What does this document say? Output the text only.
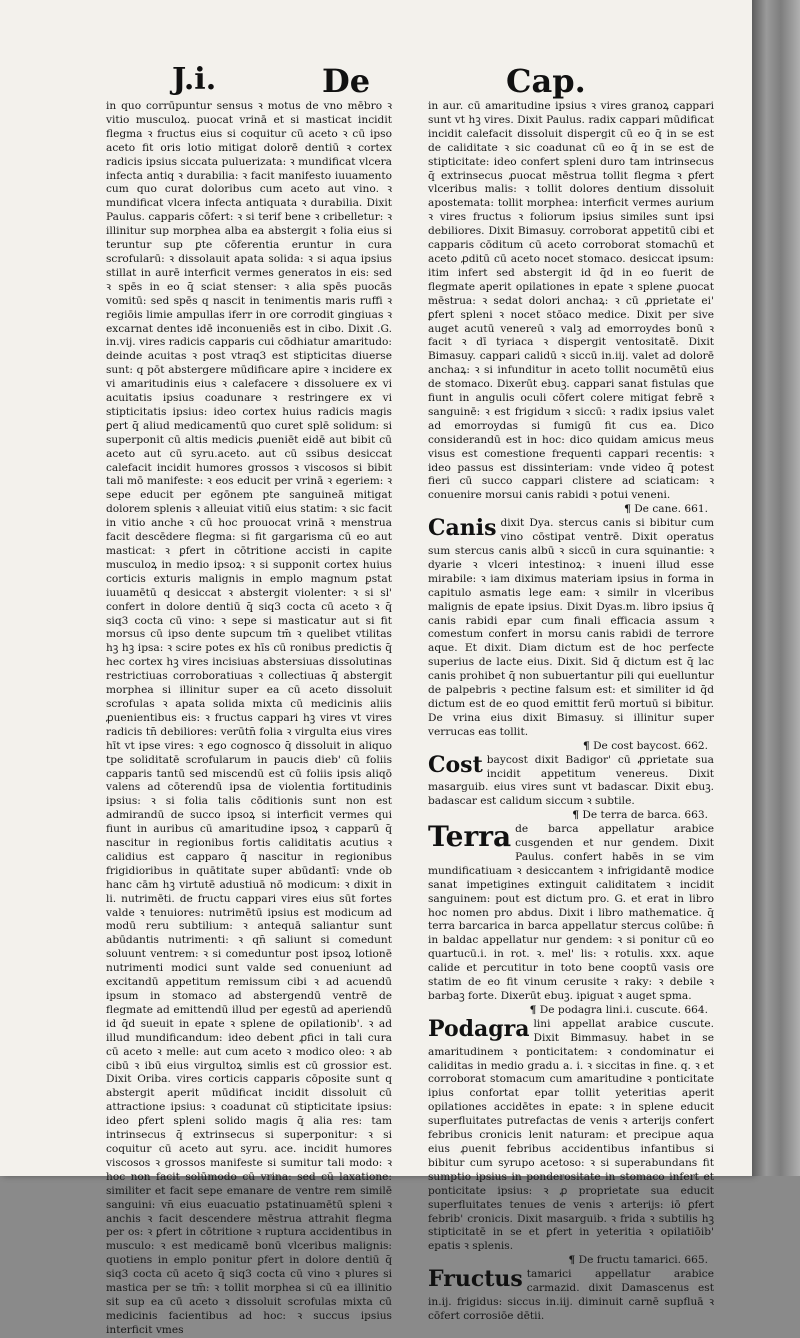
J.i.	De	Cap.

in quo corrūpuntur sensus ꝛ motus de vno mēbro ꝛ vitio musculoꝝ. puocat vrinā et si masticat incidit flegma ꝛ fructus eius si coquitur cū aceto ꝛ cū ipso aceto fit oris lotio mitigat dolorē dentiū ꝛ cortex radicis ipsius siccata puluerizata: ꝛ mundificat vlcera infecta antiq ꝛ durabilia: ꝛ facit manifesto iuuamento cum quo curat doloribus cum aceto aut vino. ꝛ mundificat vlcera infecta antiquata ꝛ durabilia. Dixit Paulus. capparis cōfert: ꝛ si terif bene ꝛ cribelletur: ꝛ illinitur sup morphea alba ea abstergit ꝛ folia eius si teruntur sup ꝑte cōferentia eruntur in cura scrofularū: ꝛ dissolauit apata solida: ꝛ si aqua ipsius stillat in aurē interficit vermes generatos in eis: sed ꝛ spēs in eo q̄ sciat stenser: ꝛ alia spēs puocās vomitū: sed spēs q nascit in tenimentis maris ruffi ꝛ regiōis limie ampullas iferr in ore corrodit gingiuas ꝛ excarnat dentes idē inconueniēs est in cibo. Dixit .G. in.vij. vires radicis capparis cui cōdhiatur amaritudo: deinde acuitas ꝛ post vtraq3 est stipticitas diuerse sunt: q pōt abstergere mūdificare apire ꝛ incidere ex vi amaritudinis eius ꝛ calefacere ꝛ dissoluere ex vi acuitatis ipsius coadunare ꝛ restringere ex vi stipticitatis ipsius: ideo cortex huius radicis magis ꝑert q̄ aliud medicamentū quo curet splē solidum: si superponit cū altis medicis ꝓueniēt eidē aut bibit cū aceto aut cū syru.aceto. aut cū ssibus desiccat calefacit incidit humores grossos ꝛ viscosos si bibit tali mō manifeste: ꝛ eos educit per vrinā ꝛ egeriem: ꝛ sepe educit per egōnem pte sanguineā mitigat dolorem splenis ꝛ alleuiat vitiū eius statim: ꝛ sic facit in vitio anche ꝛ cū hoc prouocat vrinā ꝛ menstrua facit descēdere flegma: si fit gargarisma cū eo aut masticat: ꝛ ꝑfert in cōtritione accisti in capite musculoꝝ in medio ipsoꝝ: ꝛ si supponit cortex huius corticis exturis malignis in emplo magnum ꝑstat iuuamētū q desiccat ꝛ abstergit violenter: ꝛ si sl' confert in dolore dentiū q̄ siq3 cocta cū aceto ꝛ q̄ siq3 cocta cū vino: ꝛ sepe si masticatur aut si fit morsus cū ipso dente supcum tm̄ ꝛ quelibet vtilitas hꝫ hꝫ ipsa: ꝛ scire potes ex hīs cū ronibus predictis q̄ hec cortex hꝫ vires incisiuas abstersiuas dissolutinas restrictiuas corroboratiuas ꝛ collectiuas q̄ abstergit morphea si illinitur super ea cū aceto dissoluit scrofulas ꝛ apata solida mixta cū medicinis aliis ꝓuenientibus eis: ꝛ fructus cappari hꝫ vires vt vires radicis tn̄ debiliores: verūtn̄ folia ꝛ virgulta eius vires hīt vt ipse vires: ꝛ ego cognosco q̄ dissoluit in aliquo tpe soliditatē scrofularum in paucis dieb' cū foliis capparis tantū sed miscendū est cū foliis ipsis aliqō valens ad cōterendū ipsa de violentia fortitudinis ipsius: ꝛ si folia talis cōditionis sunt non est admirandū de succo ipsoꝝ si interficit vermes qui fiunt in auribus cū amaritudine ipsoꝝ ꝛ capparū q̄ nascitur in regionibus fortis caliditatis acutius ꝛ calidius est capparo q̄ nascitur in regionibus frigidioribus in quātitate super abūdantī: vnde ob hanc cām hꝫ virtutē adustiuā nō modicum: ꝛ dixit in li. nutrimēti. de fructu cappari vires eius sūt fortes valde ꝛ tenuiores: nutrimētū ipsius est modicum ad modū reru subtilium: ꝛ antequā saliantur sunt abūdantis nutrimenti: ꝛ qn̄ saliunt si comedunt soluunt ventrem: ꝛ si comeduntur post ipsoꝝ lotionē nutrimenti modici sunt valde sed conueniunt ad excitandū appetitum remissum cibi ꝛ ad acuendū ipsum in stomaco ad abstergendū ventrē de flegmate ad emittendū illud per egestū ad aperiendū id q̄d sueuit in epate ꝛ splene de opilationib'. ꝛ ad illud mundificandum: ideo debent ꝓfici in tali cura cū aceto ꝛ melle: aut cum aceto ꝛ modico oleo: ꝛ ab cibū ꝛ ibū eius virgultoꝝ simlis est cū grossior est. Dixit Oriba. vires corticis capparis cōposite sunt q abstergit aperit mūdificat incidit dissoluit cū attractione ipsius: ꝛ coadunat cū stipticitate ipsius: ideo ꝑfert spleni solido magis q̄ alia res: tam intrinsecus q̄ extrinsecus si superponitur: ꝛ si coquitur cū aceto aut syru. ace. incidit humores viscosos ꝛ grossos manifeste si sumitur tali modo: ꝛ hoc non facit solūmodo cū vrina: sed cū laxatione: similiter et facit sepe emanare de ventre rem similē sanguini: vn̄ eius euacuatio pstatinuamētū spleni ꝛ anchis ꝛ facit descendere mēstrua attrahit flegma per os: ꝛ ꝑfert in cōtritione ꝛ ruptura accidentibus in musculo: ꝛ est medicamē bonū vlceribus malignis: quotiens in emplo ponitur ꝑfert in dolore dentiū q̄ siq3 cocta cū aceto q̄ siq3 cocta cū vino ꝛ plures si mastica per se tm̄: ꝛ tollit morphea si cū ea illinitio sit sup ea cū aceto ꝛ dissoluit scrofulas mixta cū medicinis facientibus ad hoc: ꝛ succus ipsius interficit vmes

in aur. cū amaritudine ipsius ꝛ vires granoꝝ cappari sunt vt hꝫ vires. Dixit Paulus. radix cappari mūdificat incidit calefacit dissoluit dispergit cū eo q̄ in se est de caliditate ꝛ sic coadunat cū eo q̄ in se est de stipticitate: ideo confert spleni duro tam intrinsecus q̄ extrinsecus ꝓuocat mēstrua tollit flegma ꝛ ꝑfert vlceribus malis: ꝛ tollit dolores dentium dissoluit apostemata: tollit morphea: interficit vermes aurium ꝛ vires fructus ꝛ foliorum ipsius similes sunt ipsi debiliores. Dixit Bimasuy. corroborat appetitū cibi et capparis cōditum cū aceto corroborat stomachū et aceto ꝓditū cū aceto nocet stomaco. desiccat ipsum: itim infert sed abstergit id q̄d in eo fuerit de flegmate aperit opilationes in epate ꝛ splene ꝓuocat mēstrua: ꝛ sedat dolori anchaꝝ: ꝛ cū ꝓprietate ei' ꝑfert spleni ꝛ nocet stōaco medice. Dixit per sive auget acutū venereū ꝛ valꝫ ad emorroydes bonū ꝛ facit ꝛ dī tyriaca ꝛ dispergit ventositatē. Dixit Bimasuy. cappari calidū ꝛ siccū in.iij. valet ad dolorē anchaꝝ: ꝛ si infunditur in aceto tollit nocumētū eius de stomaco. Dixerūt ebuꝫ. cappari sanat fistulas que fiunt in angulis oculi cōfert colere mitigat febrē ꝛ sanguinē: ꝛ est frigidum ꝛ siccū: ꝛ radix ipsius valet ad emorroydas si fumigū fit cus ea. Dico considerandū est in hoc: dico quidam amicus meus visus est comestione frequenti cappari recentis: ꝛ ideo passus est dissinteriam: vnde video q̄ potest fieri cū succo cappari clistere ad sciaticam: ꝛ conuenire morsui canis rabidi ꝛ potui veneni.

¶ De cane. 661.

Canis dixit Dya. stercus canis si bibitur cum vino cōstipat ventrē. Dixit operatus sum stercus canis albū ꝛ siccū in cura squinantie: ꝛ dyarie ꝛ vlceri intestinoꝝ: ꝛ inueni illud esse mirabile: ꝛ iam diximus materiam ipsius in forma in capitulo asmatis lege eam: ꝛ similr in vlceribus malignis de epate ipsius. Dixit Dyas.m. libro ipsius q̄ canis rabidi epar cum finali efficacia assum ꝛ comestum confert in morsu canis rabidi de terrore aque. Et dixit. Diam dictum est de hoc perfecte superius de lacte eius. Dixit. Sid q̄ dictum est q̄ lac canis prohibet q̄ non subuertantur pili qui euelluntur de palpebris ꝛ pectine falsum est: et similiter id q̄d dictum est de eo quod emittit ferū mortuū si bibitur. De vrina eius dixit Bimasuy. si illinitur super verrucas eas tollit.

¶ De cost baycost. 662.

Cost baycost dixit Badigor' cū ꝓprietate sua incidit appetitum venereus. Dixit masarguib. eius vires sunt vt badascar. Dixit ebuꝫ. badascar est calidum siccum ꝛ subtile.

¶ De terra de barca. 663.

Terra de barca appellatur arabice cusgenden et nur gendem. Dixit Paulus. confert habēs in se vim mundificatiuam ꝛ desiccantem ꝛ infrigidantē modice sanat impetigines extinguit caliditatem ꝛ incidit sanguinem: pout est dictum pro. G. et erat in libro hoc nomen pro abdus. Dixit i libro mathematice. q̄ terra barcarica in barca appellatur stercus colūbe: n̄ in baldac appellatur nur gendem: ꝛ si ponitur cū eo quartucū.i. in rot. ꝛ. mel' lis: ꝛ rotulis. xxx. aque calide et percutitur in toto bene cooptū vasis ore statim de eo fit vinum cerusite ꝛ raky: ꝛ debile ꝛ barbaꝫ forte. Dixerūt ebuꝫ. ipiguat ꝛ auget spma.

¶ De podagra lini.i. cuscute. 664.

Podagra lini appellat arabice cuscute. Dixit Bimmasuy. habet in se amaritudinem ꝛ ponticitatem: ꝛ condominatur ei caliditas in medio gradu a. i. ꝛ siccitas in fine. q. ꝛ et corroborat stomacum cum amaritudine ꝛ ponticitate ipius confortat epar tollit yeteritias aperit opilationes accidētes in epate: ꝛ in splene educit superfluitates putrefactas de venis ꝛ arterijs confert febribus cronicis lenit naturam: et precipue aqua eius ꝓuenit febribus accidentibus infantibus si bibitur cum syrupo acetoso: ꝛ si superabundans fit sumptio ipsius in ponderositate in stomaco infert et ponticitate ipsius: ꝛ ꝓ proprietate sua educit superfluitates tenues de venis ꝛ arterijs: iō ꝑfert febrib' cronicis. Dixit masarguib. ꝛ frida ꝛ subtilis hꝫ stipticitatē in se et ꝑfert in yeteritia ꝛ opilatiōib' epatis ꝛ splenis.

¶ De fructu tamarici. 665.

Fructus tamarici appellatur arabice carmazid. dixit Damascenus est in.ij. frigidus: siccus in.iij. diminuit carnē supfluā ꝛ cōfert corrosiōe dētii.
